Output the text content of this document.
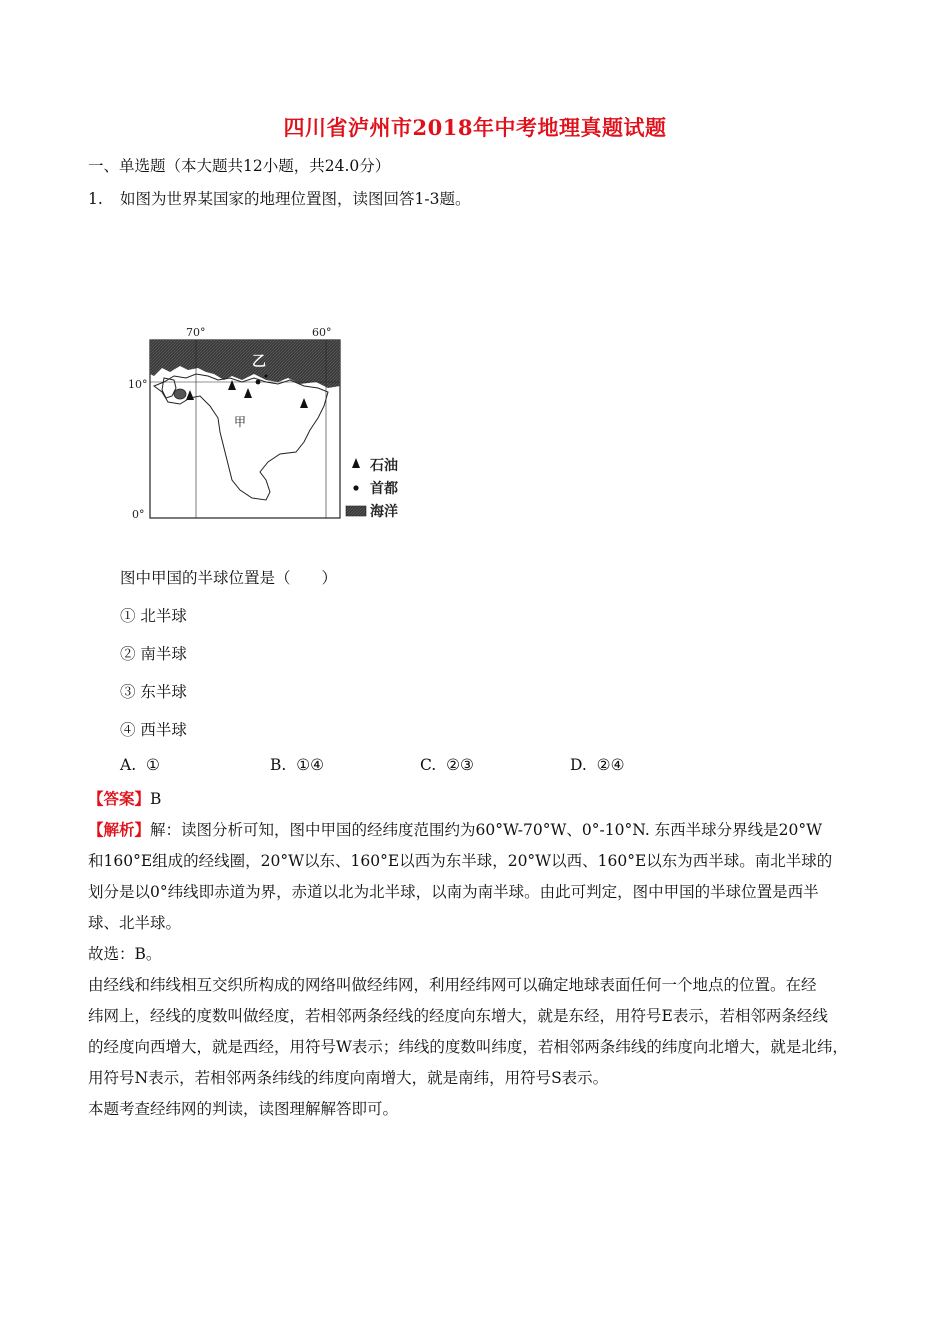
四川省泸州市2018年中考地理真题试题
一、单选题（本大题共12小题，共24.0分）
1. 如图为世界某国家的地理位置图，读图回答1-3题。
70°	60°
10°
0°
乙
甲
石油
首都
海洋
图中甲国的半球位置是（　　）
① 北半球
② 南半球
③ 东半球
④ 西半球
A. ①	B. ①④	C. ②③	D. ②④
【答案】B
【解析】解：读图分析可知，图中甲国的经纬度范围约为60°W-70°W、0°-10°N. 东西半球分界线是20°W
和160°E组成的经线圈，20°W以东、160°E以西为东半球，20°W以西、160°E以东为西半球。南北半球的
划分是以0°纬线即赤道为界，赤道以北为北半球，以南为南半球。由此可判定，图中甲国的半球位置是西半
球、北半球。
故选：B。
由经线和纬线相互交织所构成的网络叫做经纬网，利用经纬网可以确定地球表面任何一个地点的位置。在经
纬网上，经线的度数叫做经度，若相邻两条经线的经度向东增大，就是东经，用符号E表示，若相邻两条经线
的经度向西增大，就是西经，用符号W表示；纬线的度数叫纬度，若相邻两条纬线的纬度向北增大，就是北纬，
用符号N表示，若相邻两条纬线的纬度向南增大，就是南纬，用符号S表示。
本题考查经纬网的判读，读图理解解答即可。
